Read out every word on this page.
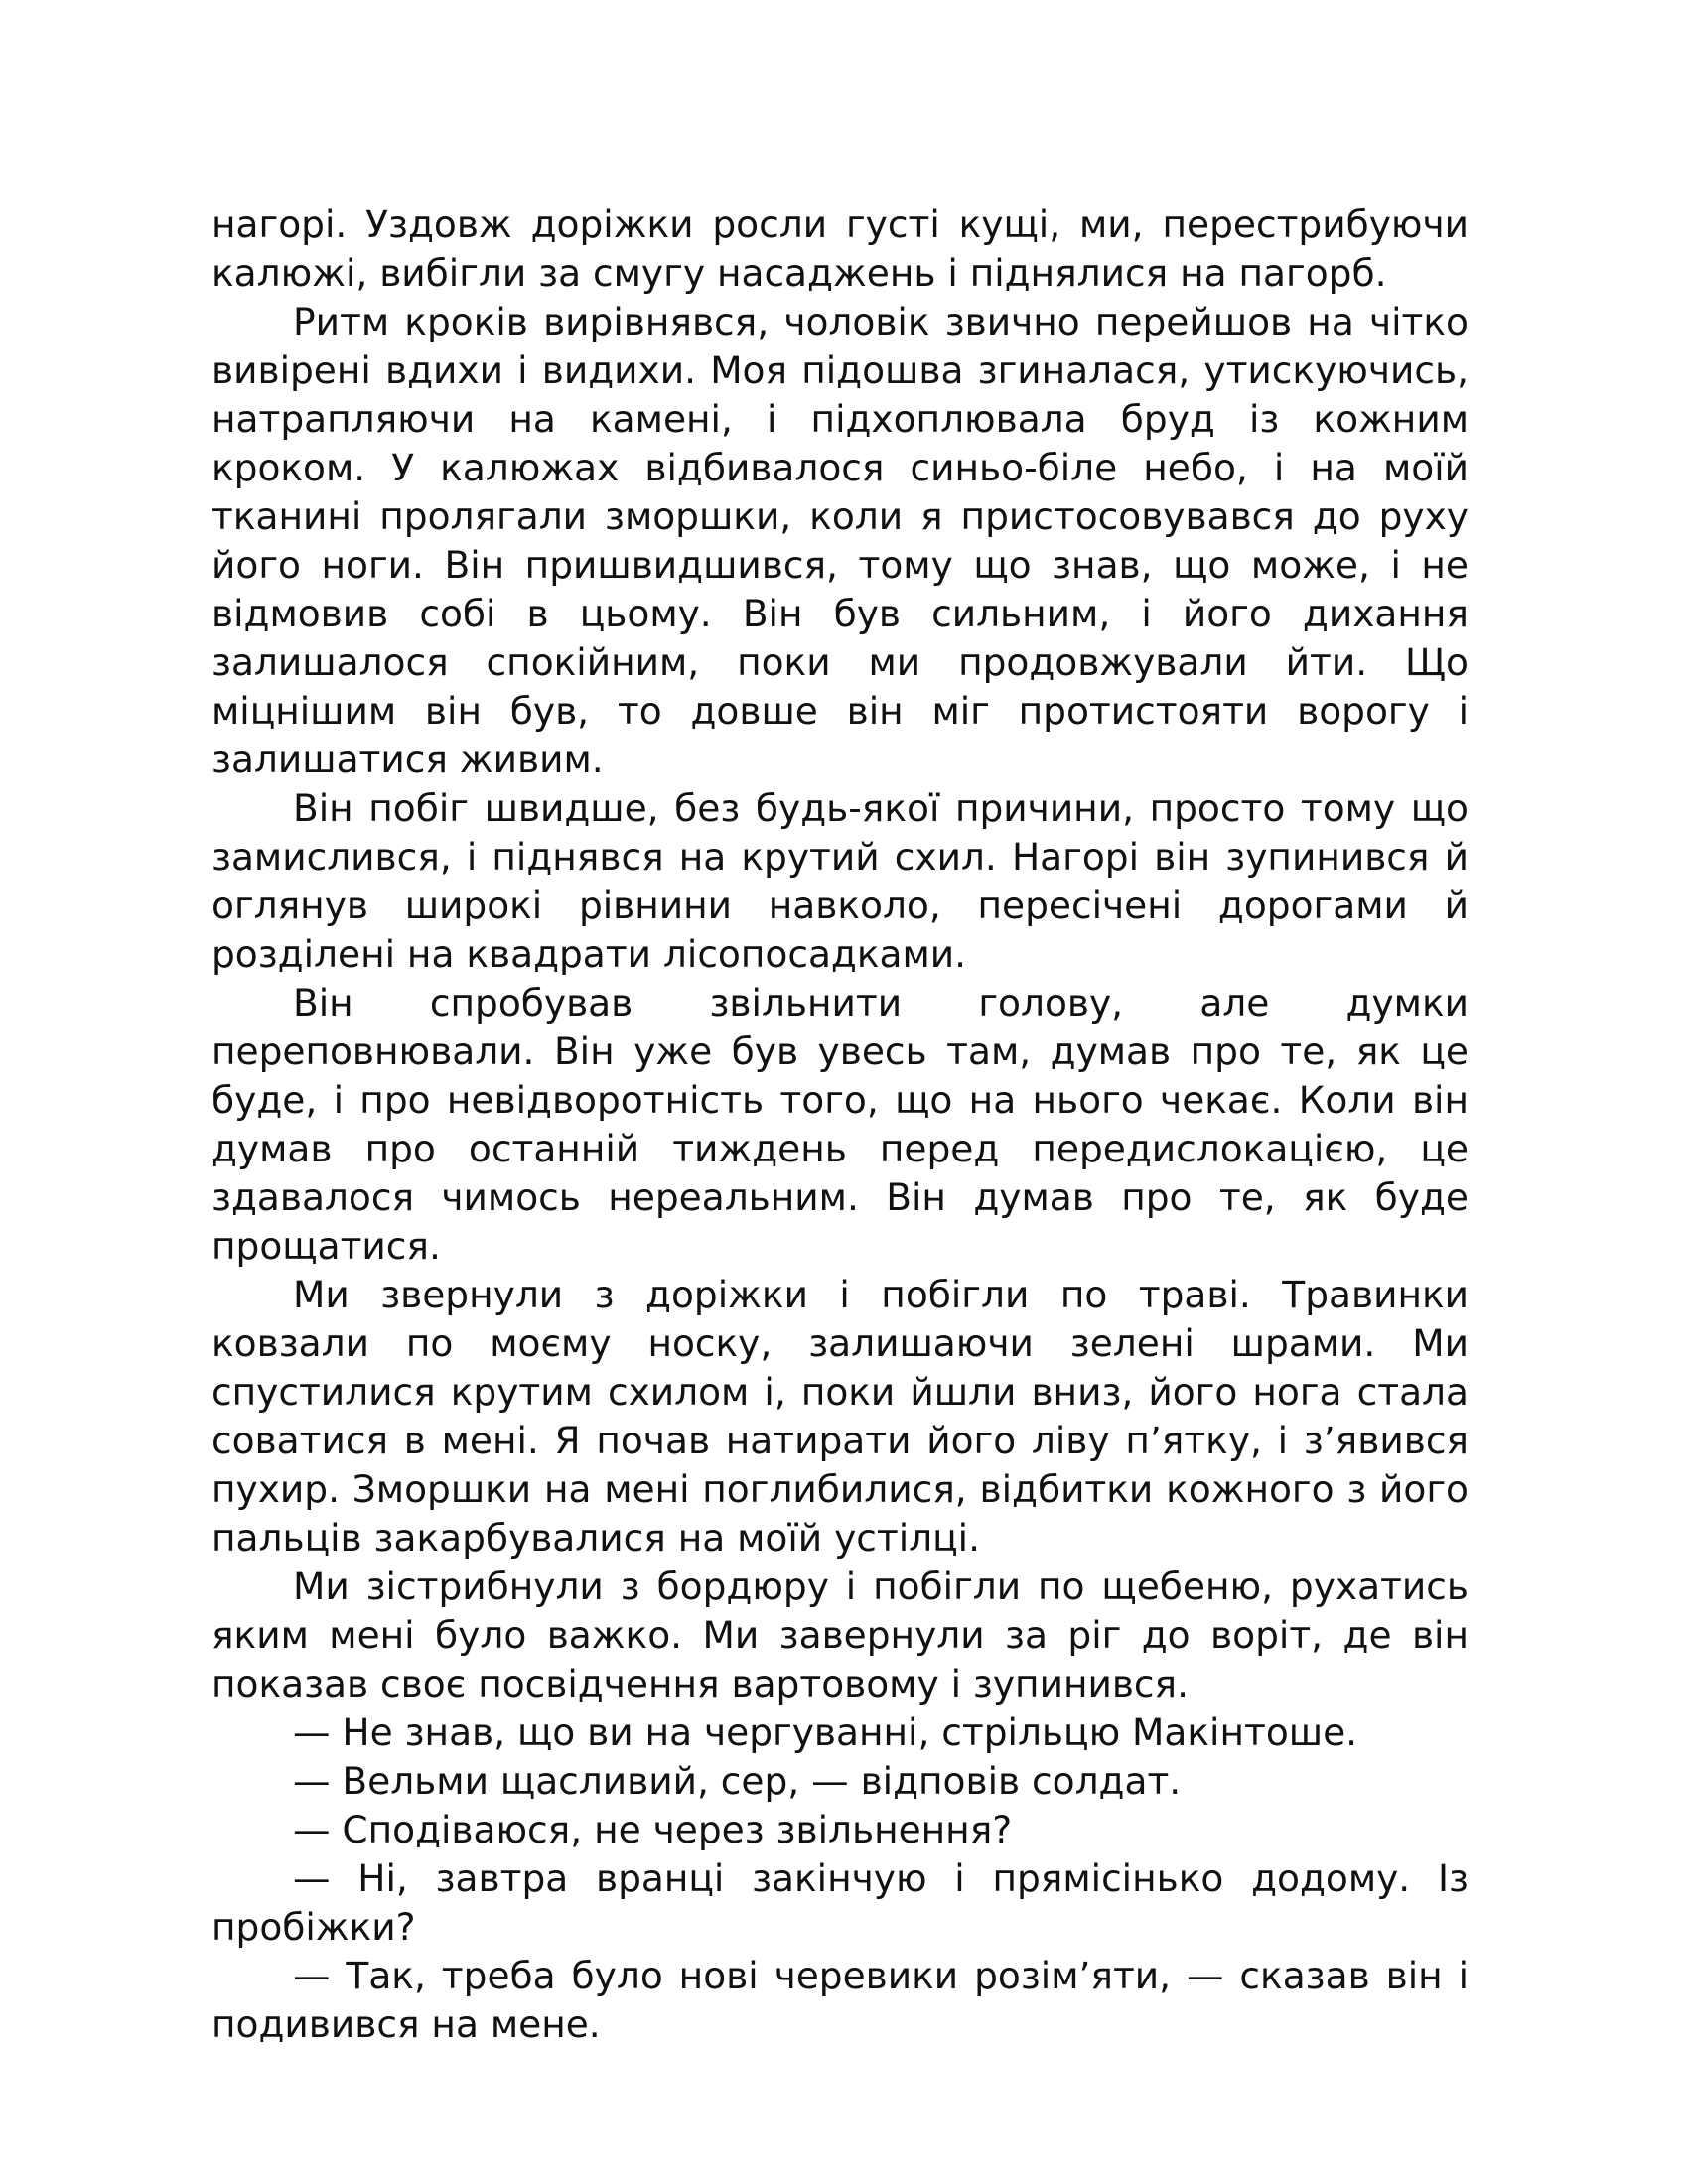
нагорі. Уздовж доріжки росли густі кущі, ми, перестрибуючи калюжі, вибігли за смугу насаджень і піднялися на пагорб.

Ритм кроків вирівнявся, чоловік звично перейшов на чітко вивірені вдихи і видихи. Моя підошва згиналася, утискуючись, натрапляючи на камені, і підхоплювала бруд із кожним кроком. У калюжах відбивалося синьо-біле небо, і на моїй тканині пролягали зморшки, коли я пристосовувався до руху його ноги. Він пришвидшився, тому що знав, що може, і не відмовив собі в цьому. Він був сильним, і його дихання залишалося спокійним, поки ми продовжували йти. Що міцнішим він був, то довше він міг протистояти ворогу і залишатися живим.

Він побіг швидше, без будь-якої причини, просто тому що замислився, і піднявся на крутий схил. Нагорі він зупинився й оглянув широкі рівнини навколо, пересічені дорогами й розділені на квадрати лісопосадками.

Він спробував звільнити голову, але думки переповнювали. Він уже був увесь там, думав про те, як це буде, і про невідворотність того, що на нього чекає. Коли він думав про останній тиждень перед передислокацією, це здавалося чимось нереальним. Він думав про те, як буде прощатися.

Ми звернули з доріжки і побігли по траві. Травинки ковзали по моєму носку, залишаючи зелені шрами. Ми спустилися крутим схилом і, поки йшли вниз, його нога стала соватися в мені. Я почав натирати його ліву п’ятку, і з’явився пухир. Зморшки на мені поглибилися, відбитки кожного з його пальців закарбувалися на моїй устілці.

Ми зістрибнули з бордюру і побігли по щебеню, рухатись яким мені було важко. Ми завернули за ріг до воріт, де він показав своє посвідчення вартовому і зупинився.

— Не знав, що ви на чергуванні, стрільцю Макінтоше.

— Вельми щасливий, сер, — відповів солдат.

— Сподіваюся, не через звільнення?

— Ні, завтра вранці закінчую і прямісінько додому. Із пробіжки?

— Так, треба було нові черевики розім’яти, — сказав він і подивився на мене.
